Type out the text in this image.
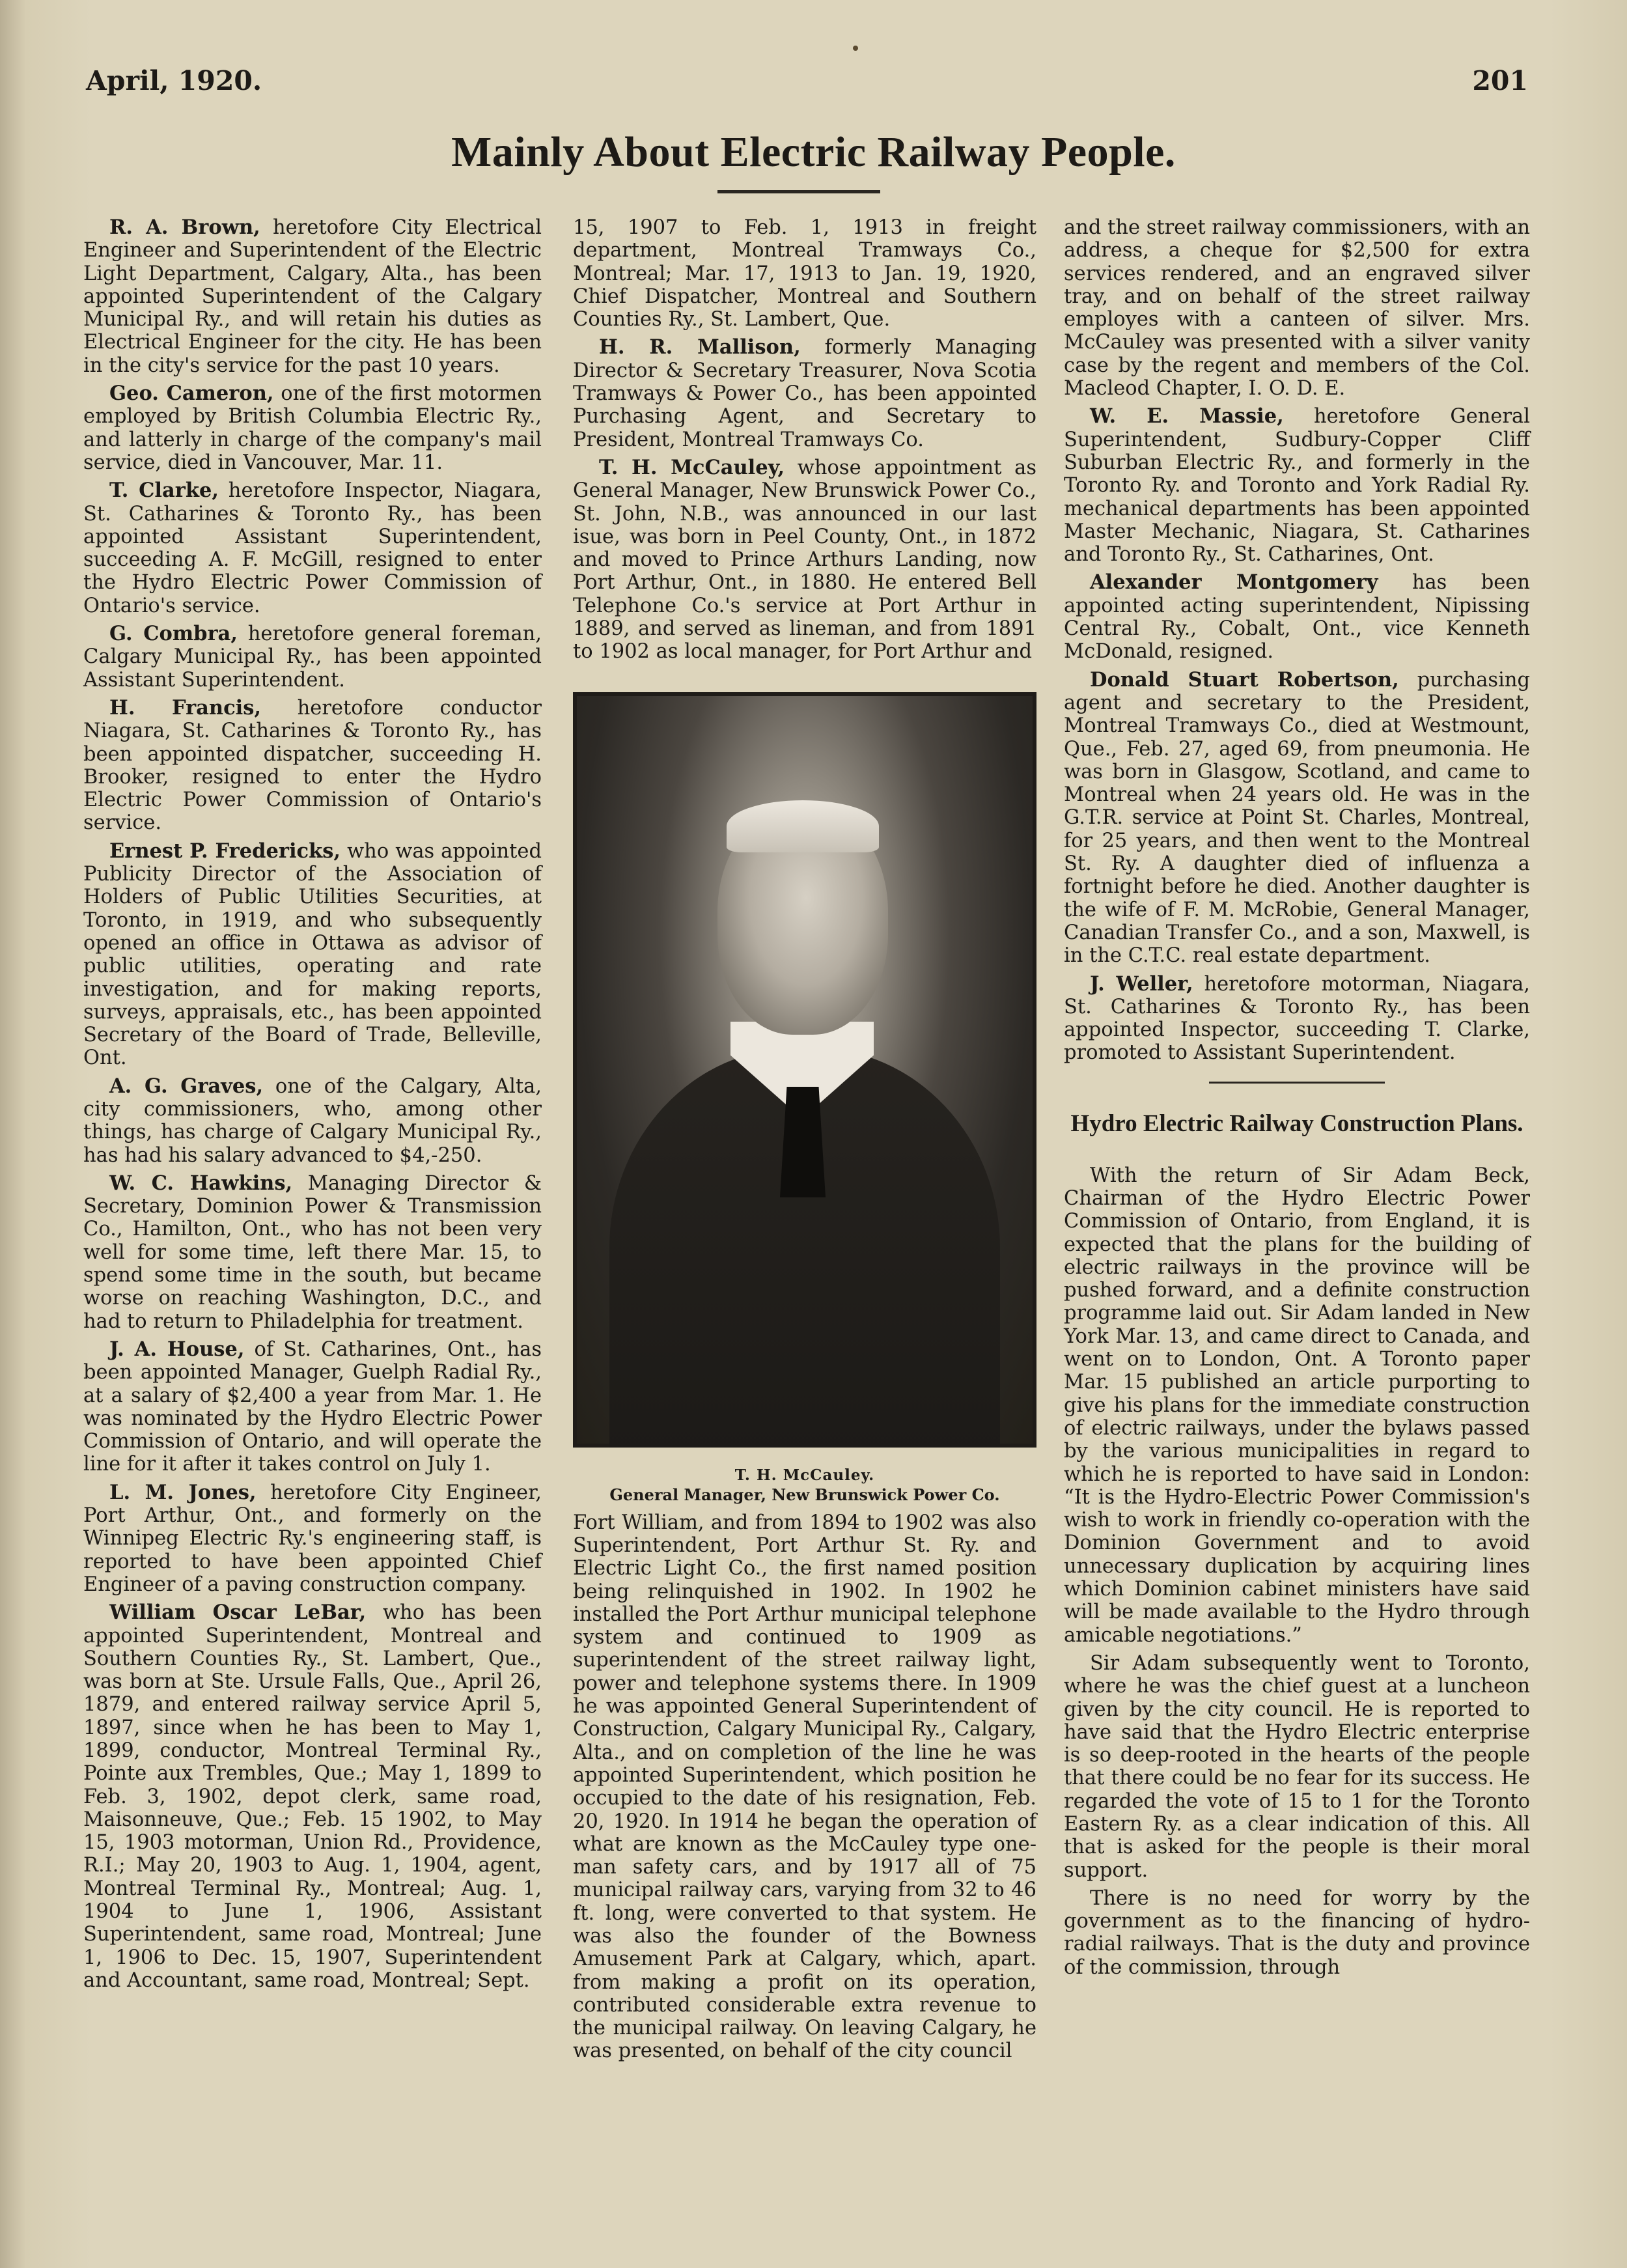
April, 1920.	201
Mainly About Electric Railway People.

R. A. Brown, heretofore City Electrical Engineer and Superintendent of the Electric Light Department, Calgary, Alta., has been appointed Superintendent of the Calgary Municipal Ry., and will retain his duties as Electrical Engineer for the city. He has been in the city's service for the past 10 years.

Geo. Cameron, one of the first motormen employed by British Columbia Electric Ry., and latterly in charge of the company's mail service, died in Vancouver, Mar. 11.

T. Clarke, heretofore Inspector, Niagara, St. Catharines & Toronto Ry., has been appointed Assistant Superintendent, succeeding A. F. McGill, resigned to enter the Hydro Electric Power Commission of Ontario's service.

G. Combra, heretofore general foreman, Calgary Municipal Ry., has been appointed Assistant Superintendent.

H. Francis, heretofore conductor Niagara, St. Catharines & Toronto Ry., has been appointed dispatcher, succeeding H. Brooker, resigned to enter the Hydro Electric Power Commission of Ontario's service.

Ernest P. Fredericks, who was appointed Publicity Director of the Association of Holders of Public Utilities Securities, at Toronto, in 1919, and who subsequently opened an office in Ottawa as advisor of public utilities, operating and rate investigation, and for making reports, surveys, appraisals, etc., has been appointed Secretary of the Board of Trade, Belleville, Ont.

A. G. Graves, one of the Calgary, Alta, city commissioners, who, among other things, has charge of Calgary Municipal Ry., has had his salary advanced to $4,-250.

W. C. Hawkins, Managing Director & Secretary, Dominion Power & Transmission Co., Hamilton, Ont., who has not been very well for some time, left there Mar. 15, to spend some time in the south, but became worse on reaching Washington, D.C., and had to return to Philadelphia for treatment.

J. A. House, of St. Catharines, Ont., has been appointed Manager, Guelph Radial Ry., at a salary of $2,400 a year from Mar. 1. He was nominated by the Hydro Electric Power Commission of Ontario, and will operate the line for it after it takes control on July 1.

L. M. Jones, heretofore City Engineer, Port Arthur, Ont., and formerly on the Winnipeg Electric Ry.'s engineering staff, is reported to have been appointed Chief Engineer of a paving construction company.

William Oscar LeBar, who has been appointed Superintendent, Montreal and Southern Counties Ry., St. Lambert, Que., was born at Ste. Ursule Falls, Que., April 26, 1879, and entered railway service April 5, 1897, since when he has been to May 1, 1899, conductor, Montreal Terminal Ry., Pointe aux Trembles, Que.; May 1, 1899 to Feb. 3, 1902, depot clerk, same road, Maisonneuve, Que.; Feb. 15 1902, to May 15, 1903 motorman, Union Rd., Providence, R.I.; May 20, 1903 to Aug. 1, 1904, agent, Montreal Terminal Ry., Montreal; Aug. 1, 1904 to June 1, 1906, Assistant Superintendent, same road, Montreal; June 1, 1906 to Dec. 15, 1907, Superintendent and Accountant, same road, Montreal; Sept.

15, 1907 to Feb. 1, 1913 in freight department, Montreal Tramways Co., Montreal; Mar. 17, 1913 to Jan. 19, 1920, Chief Dispatcher, Montreal and Southern Counties Ry., St. Lambert, Que.

H. R. Mallison, formerly Managing Director & Secretary Treasurer, Nova Scotia Tramways & Power Co., has been appointed Purchasing Agent, and Secretary to President, Montreal Tramways Co.

T. H. McCauley, whose appointment as General Manager, New Brunswick Power Co., St. John, N.B., was announced in our last isue, was born in Peel County, Ont., in 1872 and moved to Prince Arthurs Landing, now Port Arthur, Ont., in 1880. He entered Bell Telephone Co.'s service at Port Arthur in 1889, and served as lineman, and from 1891 to 1902 as local manager, for Port Arthur and

T. H. McCauley.
General Manager, New Brunswick Power Co.

Fort William, and from 1894 to 1902 was also Superintendent, Port Arthur St. Ry. and Electric Light Co., the first named position being relinquished in 1902. In 1902 he installed the Port Arthur municipal telephone system and continued to 1909 as superintendent of the street railway light, power and telephone systems there. In 1909 he was appointed General Superintendent of Construction, Calgary Municipal Ry., Calgary, Alta., and on completion of the line he was appointed Superintendent, which position he occupied to the date of his resignation, Feb. 20, 1920. In 1914 he began the operation of what are known as the McCauley type one-man safety cars, and by 1917 all of 75 municipal railway cars, varying from 32 to 46 ft. long, were converted to that system. He was also the founder of the Bowness Amusement Park at Calgary, which, apart. from making a profit on its operation, contributed considerable extra revenue to the municipal railway. On leaving Calgary, he was presented, on behalf of the city council

and the street railway commissioners, with an address, a cheque for $2,500 for extra services rendered, and an engraved silver tray, and on behalf of the street railway employes with a canteen of silver. Mrs. McCauley was presented with a silver vanity case by the regent and members of the Col. Macleod Chapter, I. O. D. E.

W. E. Massie, heretofore General Superintendent, Sudbury-Copper Cliff Suburban Electric Ry., and formerly in the Toronto Ry. and Toronto and York Radial Ry. mechanical departments has been appointed Master Mechanic, Niagara, St. Catharines and Toronto Ry., St. Catharines, Ont.

Alexander Montgomery has been appointed acting superintendent, Nipissing Central Ry., Cobalt, Ont., vice Kenneth McDonald, resigned.

Donald Stuart Robertson, purchasing agent and secretary to the President, Montreal Tramways Co., died at Westmount, Que., Feb. 27, aged 69, from pneumonia. He was born in Glasgow, Scotland, and came to Montreal when 24 years old. He was in the G.T.R. service at Point St. Charles, Montreal, for 25 years, and then went to the Montreal St. Ry. A daughter died of influenza a fortnight before he died. Another daughter is the wife of F. M. McRobie, General Manager, Canadian Transfer Co., and a son, Maxwell, is in the C.T.C. real estate department.

J. Weller, heretofore motorman, Niagara, St. Catharines & Toronto Ry., has been appointed Inspector, succeeding T. Clarke, promoted to Assistant Superintendent.

Hydro Electric Railway Construction Plans.

With the return of Sir Adam Beck, Chairman of the Hydro Electric Power Commission of Ontario, from England, it is expected that the plans for the building of electric railways in the province will be pushed forward, and a definite construction programme laid out. Sir Adam landed in New York Mar. 13, and came direct to Canada, and went on to London, Ont. A Toronto paper Mar. 15 published an article purporting to give his plans for the immediate construction of electric railways, under the bylaws passed by the various municipalities in regard to which he is reported to have said in London: “It is the Hydro-Electric Power Commission's wish to work in friendly co-operation with the Dominion Government and to avoid unnecessary duplication by acquiring lines which Dominion cabinet ministers have said will be made available to the Hydro through amicable negotiations.”

Sir Adam subsequently went to Toronto, where he was the chief guest at a luncheon given by the city council. He is reported to have said that the Hydro Electric enterprise is so deep-rooted in the hearts of the people that there could be no fear for its success. He regarded the vote of 15 to 1 for the Toronto Eastern Ry. as a clear indication of this. All that is asked for the people is their moral support.

There is no need for worry by the government as to the financing of hydro-radial railways. That is the duty and province of the commission, through
